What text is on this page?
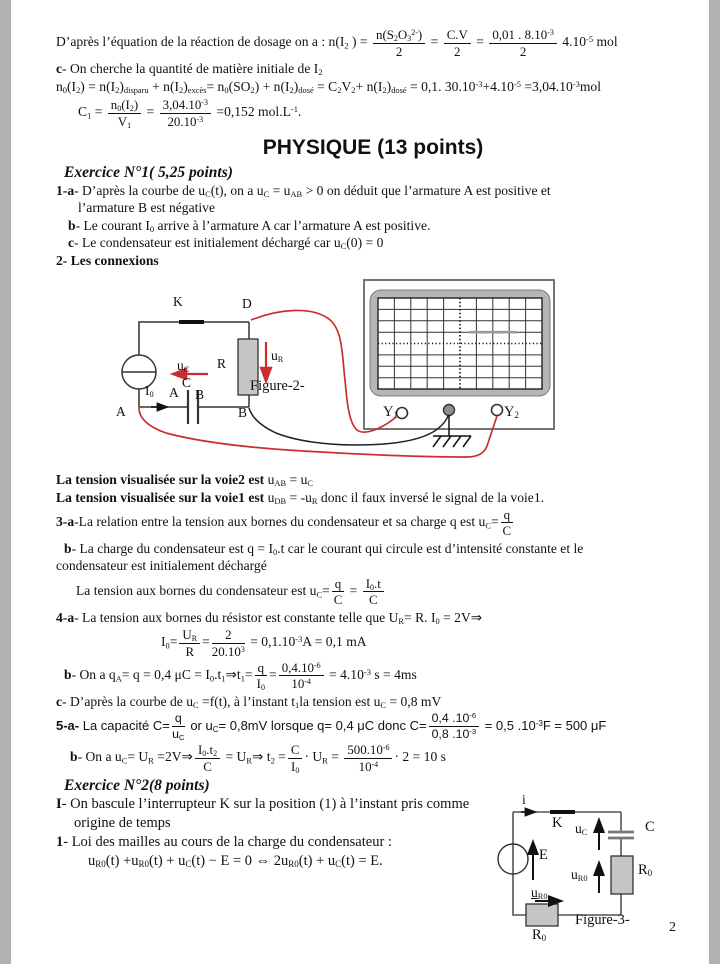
D’après l’équation de la réaction de dosage on a : $n(I_2$ ) = $\frac{n(S_2O_3^{2-})}{2} = \frac{C.V}{2} = \frac{0,01 . 8.10^{-3}}{2} 4.10^{-5}$ mol
c- On cherche la quantité de matière initiale de $I_2$
$n_0(I_2) = n(I_2)_{disparu} + n(I_2)_{excès}= n_0(SO_2) + n(I_2)_{dosé} = C_2V_2+ n(I_2)_{dosé} = 0,1$. $30.10^{-3}+4.10^{-5} =3,04.10^{-3}mol$
$C_1 = \frac{n_0(I_2)}{V_1} = \frac{3,04.10^{-3}}{20.10^{-3}} =0,152$ $mol.L^{-1}$.
PHYSIQUE (13 points)
Exercice N°1( 5,25 points)
1-a- D’après la courbe de $u_C(t)$, on a $u_C = u_{AB} > 0$ on déduit que l’armature A est positive et
l’armature B est négative
b- Le courant $I_0$ arrive à l’armature A car l’armature A est positive.
c- Le condensateur est initialement déchargé car $u_C(0) = 0$
2- Les connexions
K	D
R
$u_C$
C
$u_R$
$I_0$ A B
A	B
Figure-2-
$Y_1$	$Y_2$
La tension visualisée sur la voie2 est $u_{AB} = u_C$
La tension visualisée sur la voie1 est $u_{DB} = -u_R$ donc il faux inversé le signal de la voie1.
3-a-La relation entre la tension aux bornes du condensateur et sa charge q est $u_C= \frac{q}{C}$
b- La charge du condensateur est $q = I_0.t$ car le courant qui circule est d’intensité constante et le
condensateur est initialement déchargé
La tension aux bornes du condensateur est $u_C= \frac{q}{C} = \frac{I_0.t}{C}$
4-a- La tension aux bornes du résistor est constante telle que $U_R= R$. $I_0$ = 2V⇒
$I_0= \frac{U_R}{R} = \frac{2}{20.10^3} = 0,1.10^{-3}A = 0,1$ mA
b- On a $q_A= q = 0,4$ $\mu C = I_0.t_1\Rightarrow t_1= \frac{q}{I_0} = \frac{0,4.10^{-6}}{10^{-4}} = 4.10^{-3}$ s = 4ms
c- D’après la courbe de $u_C =f(t)$, à l’instant $t_1la$ tension est $u_C = 0,8$ mV
5-a- La capacité $C= \frac{q}{u_C}$ or $u_C= 0,8mV$ lorsque q= 0,4 μC donc $C= \frac{0,4 .10^{-6}}{0,8 .10^{-3}} = 0,5$ $.10^{-3}F = 500$ μF
b- On a $u_C= U_R$ =2V⇒ $\frac{I_0.t_2}{C}$ = $U_R\Rightarrow$ $t_2 = \frac{C}{I_0} \cdot U_R = \frac{500.10^{-6}}{10^{-4}} \cdot 2 = 10$ s
Exercice N°2(8 points)
I- On bascule l’interrupteur K sur la position (1) à l’instant pris comme
origine de temps
1- Loi des mailles au cours de la charge du condensateur :
$u_{R0}(t) +u_{R0}(t) + u_C(t) - E = 0$ ⇔ $2u_{R0}(t) + u_C(t) = E$.
i
K $u_C$	C
E
$u_{R0}$
$R_0$
$u_{R0}$
$R_0$
Figure-3-	2
